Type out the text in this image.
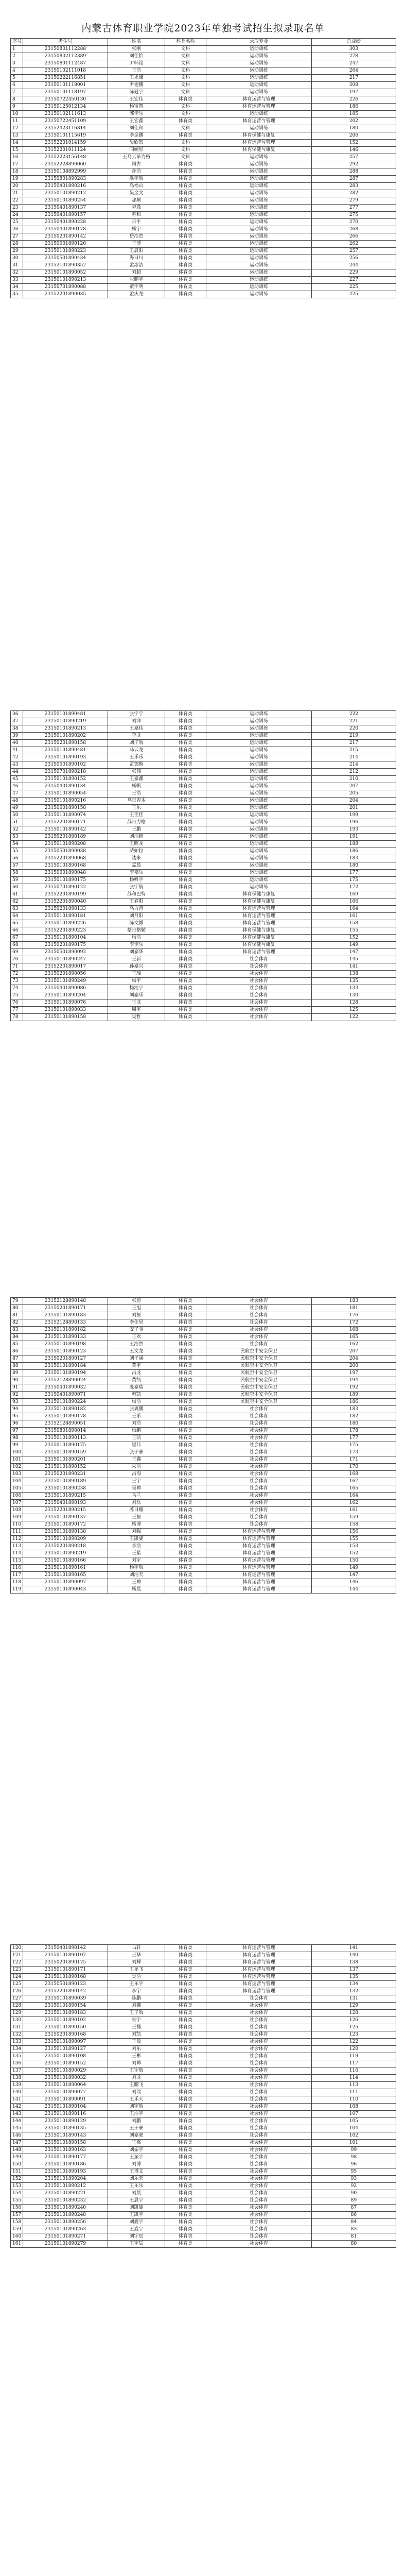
内蒙古体育职业学院2023年单独考试招生拟录取名单
序号	考生号	姓名	科类名称	录取专业	总成绩
1	23150801112288	张刚	文科	运动训练	303
2	23150802112389	刘佳怡	文科	运动训练	278
3	23150801112487	尹韩铭	文科	运动训练	247
4	23150102111018	王浩	文科	运动训练	264
5	23150222116851	王永康	文科	运动训练	217
6	23150101118001	尹德鹏	文科	运动训练	208
7	23150101118197	陈冠宇	文科	运动训练	197
8	23150722450130	王宏伟	体育类	体育运营与管理	226
9	23150125012134	杨宝智	文科	体育运营与管理	186
10	23150102111613	郭佳乐	文科	运动训练	185
11	23150722451109	王宏鑫	体育类	体育运营与管理	202
12	23152423116814	刘佳和	文科	运动训练	180
13	23150101115619	李金鹏	体育类	体育保健与康复	206
14	23152201014159	吴欣然	文科	体育运营与管理	152
15	23152201011124	闫婉彤	文科	体育保健与康复	146
16	23152223156148	王乌云毕力格	文科	运动训练	257
17	23152228890060	阿古	体育类	运动训练	292
18	23150108892999	孙浩	体育类	运动训练	288
19	23150801890283	潘宇航	体育类	运动训练	287
20	23150401890216	乌福山	体育类	运动训练	283
21	23150101890212	吴金文	体育类	运动训练	282
22	23150101890254	那顺	体育类	运动训练	279
23	23150401890137	尹逸	体育类	运动训练	277
24	23150401890157	苏和	体育类	运动训练	275
25	23150401890228	日平	体育类	运动训练	270
26	23150401890178	杨宇	体育类	运动训练	268
27	23150201890142	岳浩然	体育类	运动训练	266
28	23150601890120	王博	体育类	运动训练	262
29	23150101890223	王晨阳	体育类	运动训练	257
30	23150501890434	海日川	体育类	运动训练	256
31	23152101890352	孟冰洁	体育类	运动训练	244
32	23150101890052	刘超	体育类	运动训练	229
33	23150101890213	张鹏宇	体育类	运动训练	227
34	23150701890088	董宇明	体育类	运动训练	225
35	23152201890035	孟庆龙	体育类	运动训练	225
36	23150101890481	张宇宁	体育类	运动训练	222
37	23150101890219	刘洋	体育类	运动训练	221
38	23150101890213	王嘉伟	体育类	运动训练	220
39	23150101890202	李龙	体育类	运动训练	219
40	23150201890158	刘子航	体育类	运动训练	217
41	23150101890481	马云龙	体育类	运动训练	215
42	23150101890193	王乐乐	体育类	运动训练	214
43	23150501890102	孟德斯	体育类	运动训练	214
44	23150701890218	张伟	体育类	运动训练	212
45	23150101890152	王嘉鑫	体育类	运动训练	210
46	23150401890134	杨帆	体育类	运动训练	207
47	23150101890054	王浩	体育类	运动训练	205
48	23150101890216	乌日吉木	体育类	运动训练	204
49	23150601890158	王乐	体育类	运动训练	201
50	23150101890074	王佳佳	体育类	运动训练	199
51	23152201890171	苏日力格	体育类	运动训练	196
52	23150101890142	王鹏	体育类	运动训练	193
53	23150201890189	刘浩楠	体育类	运动训练	191
54	23150101890208	王晓龙	体育类	运动训练	188
55	23150501890038	萨如拉	体育类	运动训练	186
56	23152201890068	达来	体育类	运动训练	183
57	23150101890168	孟晨	体育类	运动训练	180
58	23150601890048	李嘉乐	体育类	运动训练	177
59	23150101890175	杨帆宇	体育类	运动训练	175
60	23150701890122	张宇航	体育类	运动训练	172
61	23152201890199	苏和巴特	体育类	体育保健与康复	169
62	23152201890040	王春阳	体育类	体育保健与康复	166
63	23150201890133	乌力吉	体育类	体育运营与管理	164
64	23150101890181	刘月阳	体育类	体育运营与管理	161
65	23150101890226	陈文博	体育类	体育运营与管理	158
66	23152201890223	蔡日格勒	体育类	体育保健与康复	155
67	23150101890104	杨浩	体育类	体育保健与康复	152
68	23150201890175	李佳乐	体育类	体育保健与康复	149
69	23150501890092	刘嘉华	体育类	体育运营与管理	147
70	23150101890247	王新	体育类	社会体育	145
71	23152201890017	孙嘉兴	体育类	社会体育	141
72	23150201890056	王瑞	体育类	社会体育	138
73	23150101890249	杨宇	体育类	社会体育	135
74	23150401890086	杨浩宇	体育类	社会体育	133
75	23150101890204	刘嘉乐	体育类	社会体育	130
76	23150101890076	王龙	体育类	社会体育	128
77	23150101890033	周宇	体育类	社会体育	125
78	23150101890158	吴哲	体育类	社会体育	122
79	23152128890148	张迈	体育类	社会体育	183
80	23150201890171	王旭	体育类	社会体育	181
81	23150101890183	刘振	体育类	社会体育	176
82	23152128890133	李佳昊	体育类	社会体育	172
83	23150101890182	安子骏	体育类	社会体育	168
84	23150101890133	王欢	体育类	社会体育	165
85	23150101890198	王浩然	体育类	社会体育	162
86	23150101890123	王文龙	体育类	民航空中安全保卫	207
87	23150201890127	刘子涵	体育类	民航空中安全保卫	204
88	23150101890184	黄宇	体育类	民航空中安全保卫	200
89	23150101890194	吕龙	体育类	民航空中安全保卫	197
90	23152128890024	黄凯	体育类	民航空中安全保卫	194
91	23150401890032	庞嘉瑞	体育类	民航空中安全保卫	192
92	23150401890071	韩凯	体育类	民航空中安全保卫	189
93	23150101890224	杨浩	体育类	民航空中安全保卫	186
94	23150101890182	张翼鹏	体育类	社会体育	183
95	23150101890178	王乐	体育类	社会体育	182
96	23152128890051	刘浩	体育类	社会体育	180
97	23150801890014	杨鹏	体育类	社会体育	178
98	23150101890113	王凯	体育类	社会体育	177
99	23150101890175	崔伟	体育类	社会体育	175
100	23150101890159	张子豪	体育类	社会体育	173
101	23150101890201	王鑫	体育类	社会体育	171
102	23150101890152	朱浩	体育类	社会体育	170
103	23150201890231	吕海	体育类	社会体育	168
104	23150101890189	王宇	体育类	社会体育	167
105	23150101890238	吴帅	体育类	社会体育	165
106	23150101890215	乌兰	体育类	社会体育	164
107	23150401890193	刘磊	体育类	社会体育	162
108	23152201890215	苏日娜	体育类	社会体育	161
109	23150101890137	王振	体育类	社会体育	159
110	23150101890172	杨博	体育类	社会体育	158
111	23150101890138	刘强	体育类	体育运营与管理	156
112	23150101890209	王凯旋	体育类	体育运营与管理	155
113	23150201890218	李浩	体育类	体育运营与管理	153
114	23150101890219	王星	体育类	体育运营与管理	152
115	23150101890166	刘宇	体育类	体育运营与管理	150
116	23150101890161	杨宇航	体育类	体育运营与管理	149
117	23150101890165	刘浩天	体育类	体育运营与管理	147
118	23150101890097	王帅	体育类	体育运营与管理	146
119	23150101890043	杨晨	体育类	体育运营与管理	144
120	23150401890142	马轩	体育类	体育运营与管理	141
121	23150101890107	王华	体育类	体育运营与管理	140
122	23150201890175	刘辉	体育类	体育运营与管理	138
123	23150101890171	王龙飞	体育类	体育运营与管理	137
124	23150101890168	吴浩	体育类	体育运营与管理	135
125	23150501890123	王乐宇	体育类	体育运营与管理	134
126	23152201890142	李宇	体育类	体育运营与管理	132
127	23150101890039	陈鹏	体育类	社会体育	131
128	23150101890154	刘鑫	体育类	社会体育	129
129	23150101890183	王子航	体育类	社会体育	128
130	23150101890102	张宇	体育类	社会体育	126
131	23150101890150	王磊	体育类	社会体育	125
132	23150201890168	刘凯	体育类	社会体育	123
133	23150101890097	王晨	体育类	社会体育	122
134	23150101890127	刘乐	体育类	社会体育	120
135	23150101890108	王彬	体育类	社会体育	119
136	23150101890152	刘帅	体育类	社会体育	117
137	23150101890029	王宇航	体育类	社会体育	116
138	23150101890032	刘龙	体育类	社会体育	114
139	23150101890064	王鹏飞	体育类	社会体育	113
140	23150101890077	刘瑞	体育类	社会体育	111
141	23150101890091	王乐天	体育类	社会体育	110
142	23150101890104	刘宇航	体育类	社会体育	108
143	23150101890116	王浩宇	体育类	社会体育	107
144	23150101890129	刘鹏	体育类	社会体育	105
145	23150101890135	王子豪	体育类	社会体育	104
146	23150101890143	刘嘉豪	体育类	社会体育	102
147	23150101890158	王嘉	体育类	社会体育	101
148	23150101890163	刘振宇	体育类	社会体育	99
149	23150101890177	王振宇	体育类	社会体育	98
150	23150101890186	刘博	体育类	社会体育	96
151	23150101890193	王博文	体育类	社会体育	95
152	23150101890204	刘乐天	体育类	社会体育	93
153	23150101890212	王乐乐	体育类	社会体育	92
154	23150101890221	刘晨	体育类	社会体育	90
155	23150101890232	王晨宇	体育类	社会体育	89
156	23150101890240	刘凯旋	体育类	社会体育	87
157	23150101890248	王凯宇	体育类	社会体育	86
158	23150101890256	刘鑫宇	体育类	社会体育	84
159	23150101890263	王鑫宇	体育类	社会体育	83
160	23150101890271	刘宇辰	体育类	社会体育	81
161	23150101890279	王宇辰	体育类	社会体育	80
